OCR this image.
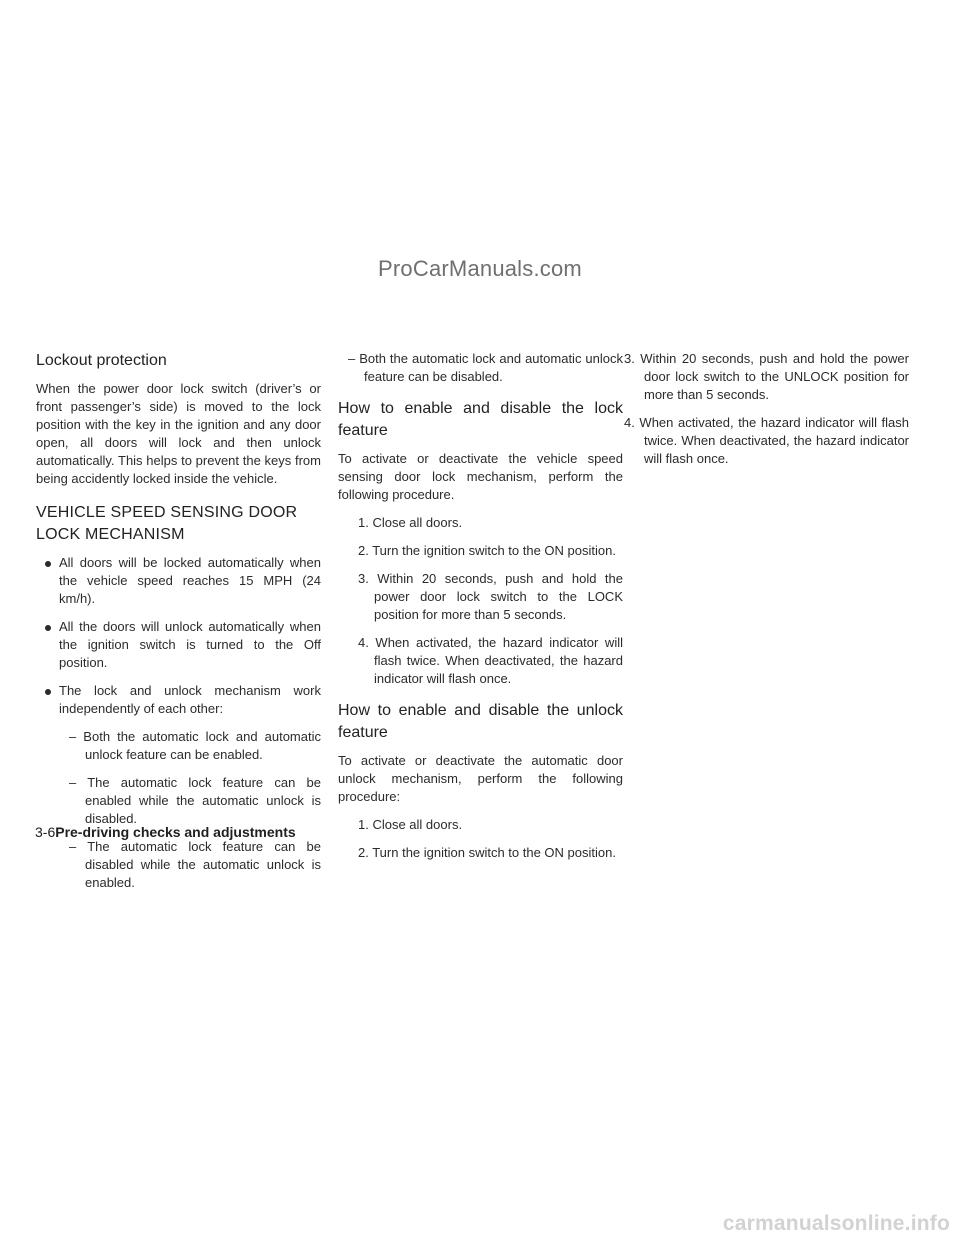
ProCarManuals.com
Lockout protection

When the power door lock switch (driver’s or front passenger’s side) is moved to the lock position with the key in the ignition and any door open, all doors will lock and then unlock automatically. This helps to prevent the keys from being accidently locked inside the vehicle.

VEHICLE SPEED SENSING DOOR
LOCK MECHANISM
All doors will be locked automatically when the vehicle speed reaches 15 MPH (24 km/h).
All the doors will unlock automatically when the ignition switch is turned to the Off position.
The lock and unlock mechanism work independently of each other:
– Both the automatic lock and automatic unlock feature can be enabled.
– The automatic lock feature can be enabled while the automatic unlock is disabled.
– The automatic lock feature can be disabled while the automatic unlock is enabled.
– Both the automatic lock and automatic unlock feature can be disabled.
How to enable and disable the lock feature

To activate or deactivate the vehicle speed sensing door lock mechanism, perform the following procedure.

1. Close all doors.
2. Turn the ignition switch to the ON position.
3. Within 20 seconds, push and hold the power door lock switch to the LOCK position for more than 5 seconds.
4. When activated, the hazard indicator will flash twice. When deactivated, the hazard indicator will flash once.
How to enable and disable the unlock feature

To activate or deactivate the automatic door unlock mechanism, perform the following procedure:

1. Close all doors.
2. Turn the ignition switch to the ON position.
3. Within 20 seconds, push and hold the power door lock switch to the UNLOCK position for more than 5 seconds.
4. When activated, the hazard indicator will flash twice. When deactivated, the hazard indicator will flash once.
3-6Pre-driving checks and adjustments
carmanualsonline.info
